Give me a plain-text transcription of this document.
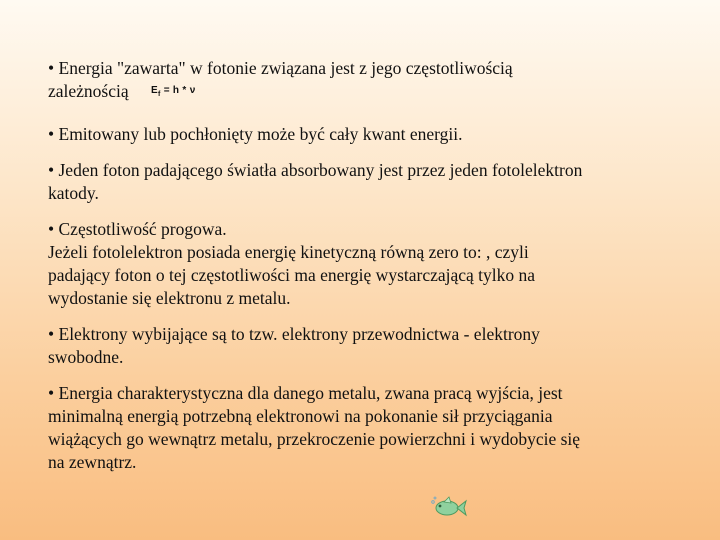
• Energia "zawarta" w fotonie związana jest z jego częstotliwością

zależnością $E_f = h * \nu$

• Emitowany lub pochłonięty może być cały kwant energii.

• Jeden foton padającego światła absorbowany jest przez jeden fotolelektron

katody.

• Częstotliwość progowa.

Jeżeli fotolelektron posiada energię kinetyczną równą zero to: , czyli

padający foton o tej częstotliwości ma energię wystarczającą tylko na

wydostanie się elektronu z metalu.

• Elektrony wybijające są to tzw. elektrony przewodnictwa - elektrony

swobodne.

• Energia charakterystyczna dla danego metalu, zwana pracą wyjścia, jest

minimalną energią potrzebną elektronowi na pokonanie sił przyciągania

wiążących go wewnątrz metalu, przekroczenie powierzchni i wydobycie się

na zewnątrz.
